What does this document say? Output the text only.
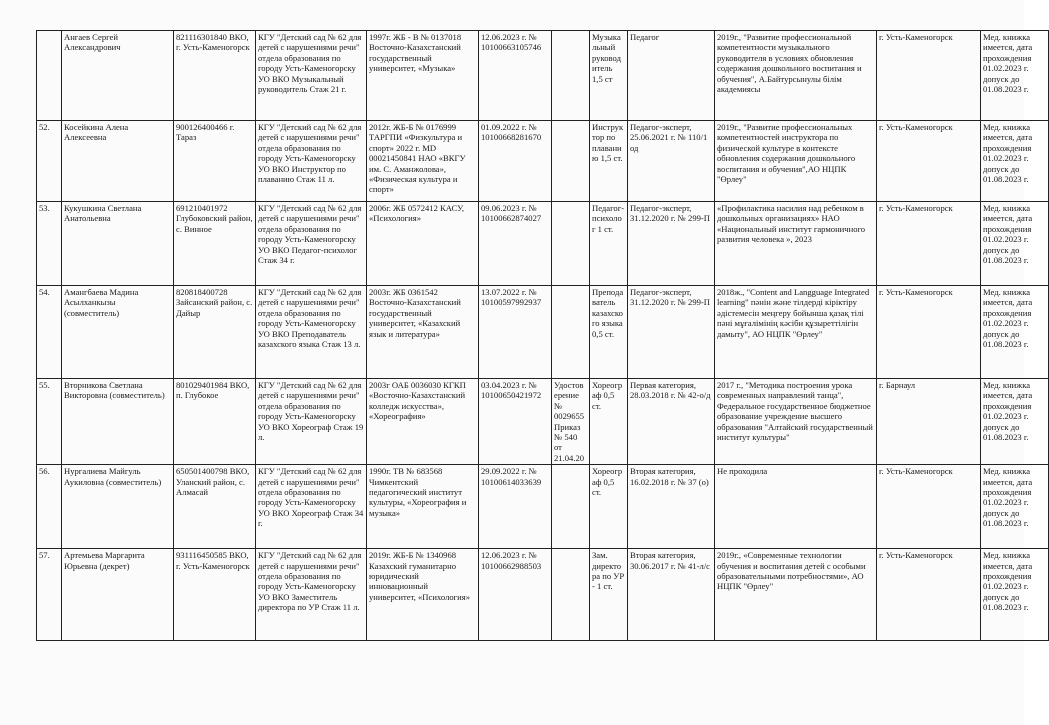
	Ангаев Сергей Александрович	821116301840 ВКО, г. Усть-Каменогорск	КГУ "Детский сад № 62 для детей с нарушениями речи" отдела образования по городу Усть-Каменогорску УО ВКО Музыкальный руководитель Стаж 21 г.	1997г. ЖБ - В № 0137018 Восточно-Казахстанский государственный университет, «Музыка»	12.06.2023 г. № 10100663105746		Музыкальный руководитель 1,5 ст	Педагог	2019г., "Развитие профессиональной компетентности музыкального руководителя в условиях обновления содержания дошкольного воспитания и обучения", А.Байтурсынулы білім академиясы	г. Усть-Каменогорск	Мед. книжка имеется, дата прохождения 01.02.2023 г. допуск до 01.08.2023 г.
52.	Косейкина Алена Алексеевна	900126400466 г. Тараз	КГУ "Детский сад № 62 для детей с нарушениями речи" отдела образования по городу Усть-Каменогорску УО ВКО Инструктор по плаванию Стаж 11 л.	2012г. ЖБ-Б № 0176999 ТАРГПИ «Физкультура и спорт» 2022 г. МD 00021450841 НАО «ВКГУ им. С. Аманжолова», «Физическая культура и спорт»	01.09.2022 г. № 10100668281670		Инструктор по плаванию 1,5 ст.	Педагог-эксперт, 25.06.2021 г. № 110/1 од	2019г., "Развитие профессиональных компетентностей инструктора по физической культуре в контексте обновления содержания дошкольного воспитания и обучения",АО НЦПК "Өрлеу"	г. Усть-Каменогорск	Мед. книжка имеется, дата прохождения 01.02.2023 г. допуск до 01.08.2023 г.
53.	Кукушкина Светлана Анатольевна	691210401972 Глубоковский район, с. Винное	КГУ "Детский сад № 62 для детей с нарушениями речи" отдела образования по городу Усть-Каменогорску УО ВКО Педагог-психолог Стаж 34 г.	2006г. ЖБ 0572412 КАСУ, «Психология»	09.06.2023 г. № 10100662874027		Педагог-психолог 1 ст.	Педагог-эксперт, 31.12.2020 г. № 299-П	«Профилактика насилия над ребенком в дошкольных организациях» НАО «Национальный институт гармоничного развития человека », 2023	г. Усть-Каменогорск	Мед. книжка имеется, дата прохождения 01.02.2023 г. допуск до 01.08.2023 г.
54.	Амангбаева Мадина Асылханкызы (совместитель)	820818400728 Зайсанский район, с. Дайыр	КГУ "Детский сад № 62 для детей с нарушениями речи" отдела образования по городу Усть-Каменогорску УО ВКО Преподаватель казахского языка Стаж 13 л.	2003г. ЖБ 0361542 Восточно-Казахстанский государственный университет, «Казахский язык и литература»	13.07.2022 г. № 10100597992937		Преподаватель казахского языка 0,5 ст.	Педагог-эксперт, 31.12.2020 г. № 299-П	2018ж., "Content and Langguage Integrated learning" пәнін және тілдерді кіріктіру әдістемесін меңгеру бойынша қазақ тілі пәні мұғалімінің кәсіби құзыреттілігін дамыту", АО НЦПК "Өрлеу"	г. Усть-Каменогорск	Мед. книжка имеется, дата прохождения 01.02.2023 г. допуск до 01.08.2023 г.
55.	Вторникова Светлана Викторовна (совместитель)	801029401984 ВКО, п. Глубокое	КГУ "Детский сад № 62 для детей с нарушениями речи" отдела образования по городу Усть-Каменогорску УО ВКО Хореограф Стаж 19 л.	2003г ОАБ 0036030 КГКП «Восточно-Казахстанский колледж искусства», «Хореография»	03.04.2023 г. № 10100650421972	Удостоверение № 0029655 Приказ № 540 от 21.04.20	Хореограф 0,5 ст.	Первая категория, 28.03.2018 г. № 42-о/д	2017 г., "Методика построения урока современных направлений танца", Федеральное государственное бюджетное образование учреждение высшего образования "Алтайский государственный институт культуры"	г. Барнаул	Мед. книжка имеется, дата прохождения 01.02.2023 г. допуск до 01.08.2023 г.
56.	Нургалиева Майгуль Аукиловна (совместитель)	650501400798 ВКО, Уланский район, с. Алмасай	КГУ "Детский сад № 62 для детей с нарушениями речи" отдела образования по городу Усть-Каменогорску УО ВКО Хореограф Стаж 34 г.	1990г. ТВ № 683568 Чимкентский педагогический институт культуры, «Хореография и музыка»	29.09.2022 г. № 10100614033639		Хореограф 0,5 ст.	Вторая категория, 16.02.2018 г. № 37 (о)	Не проходила	г. Усть-Каменогорск	Мед. книжка имеется, дата прохождения 01.02.2023 г. допуск до 01.08.2023 г.
57.	Артемьева Маргарита Юрьевна (декрет)	931116450585 ВКО, г. Усть-Каменогорск	КГУ "Детский сад № 62 для детей с нарушениями речи" отдела образования по городу Усть-Каменогорску УО ВКО Заместитель директора по УР Стаж 11 л.	2019г. ЖБ-Б № 1340968 Казахский гуманитарно юридический инновационный университет, «Психология»	12.06.2023 г. № 10100662988503		Зам. директора по УР - 1 ст.	Вторая категория, 30.06.2017 г. № 41-л/с	2019г., «Современные технологии обучения и воспитания детей с особыми образовательными потребностями», АО НЦПК "Өрлеу"	г. Усть-Каменогорск	Мед. книжка имеется, дата прохождения 01.02.2023 г. допуск до 01.08.2023 г.
